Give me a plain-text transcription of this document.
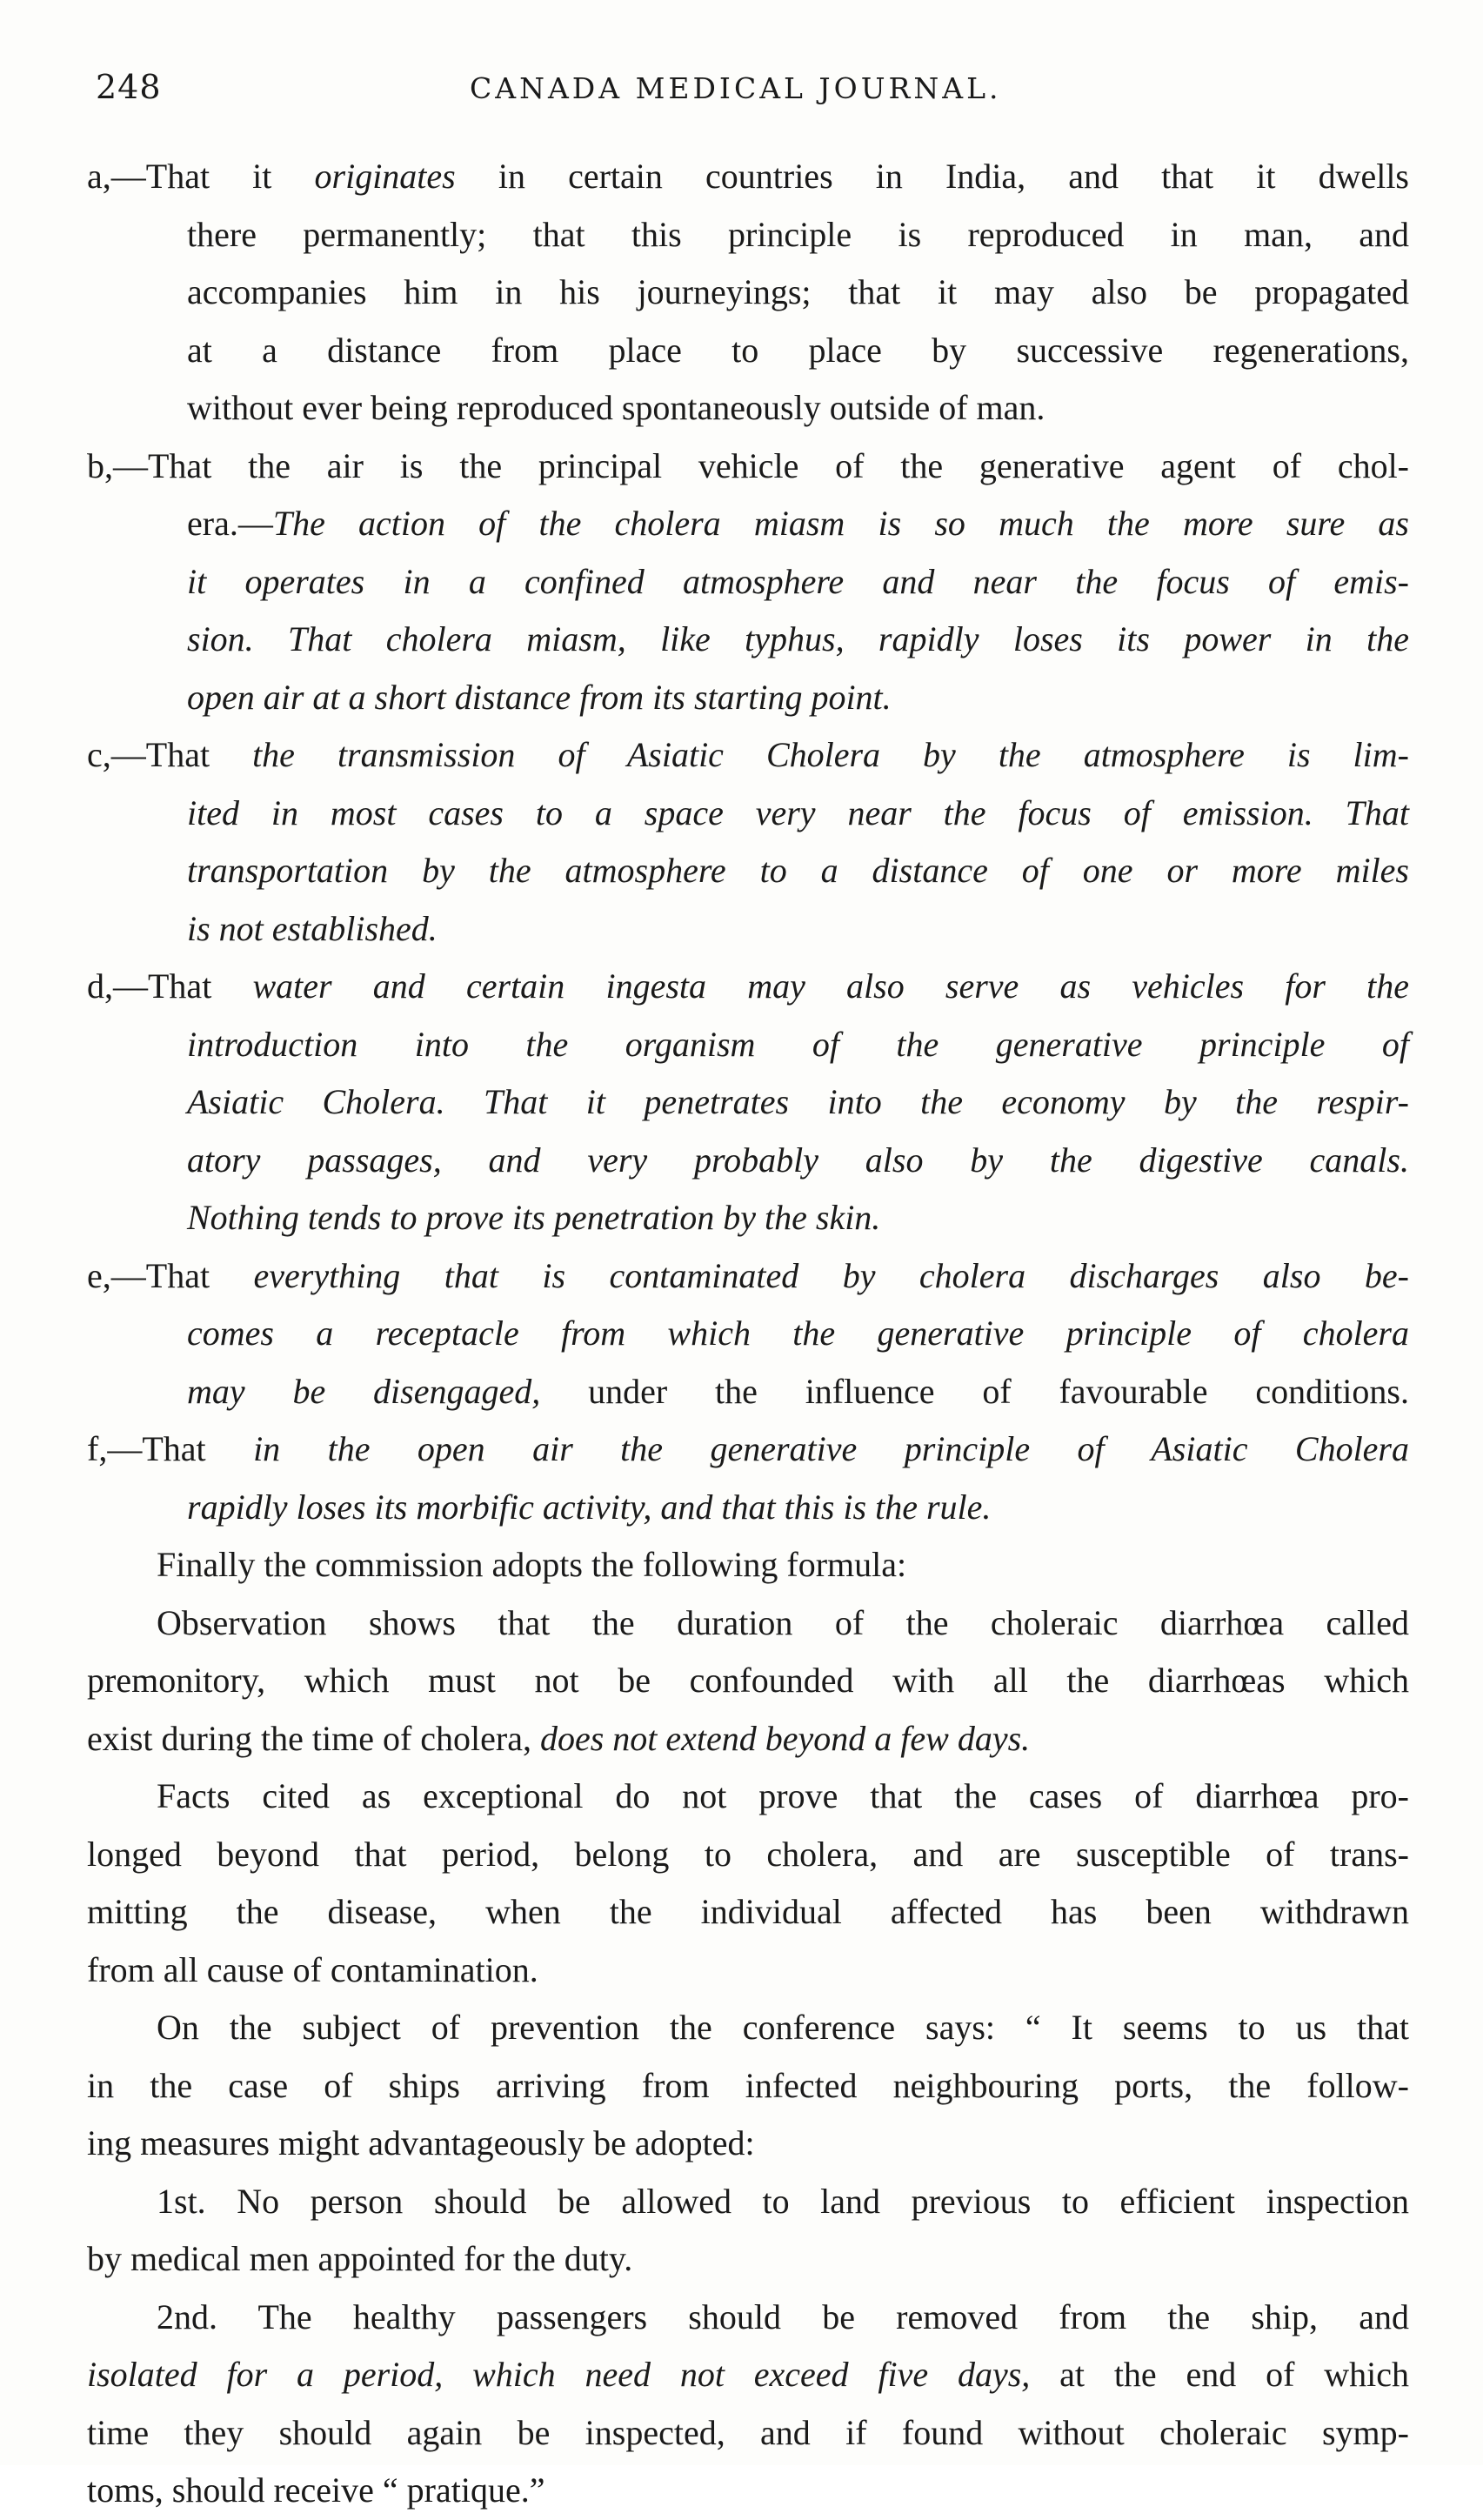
248	CANADA MEDICAL JOURNAL.
a,—That it originates in certain countries in India, and that it dwells
there permanently; that this principle is reproduced in man, and
accompanies him in his journeyings; that it may also be propagated
at a distance from place to place by successive regenerations,
without ever being reproduced spontaneously outside of man.
b,—That the air is the principal vehicle of the generative agent of chol-
era.—The action of the cholera miasm is so much the more sure as
it operates in a confined atmosphere and near the focus of emis-
sion. That cholera miasm, like typhus, rapidly loses its power in the
open air at a short distance from its starting point.
c,—That the transmission of Asiatic Cholera by the atmosphere is lim-
ited in most cases to a space very near the focus of emission. That
transportation by the atmosphere to a distance of one or more miles
is not established.
d,—That water and certain ingesta may also serve as vehicles for the
introduction into the organism of the generative principle of
Asiatic Cholera. That it penetrates into the economy by the respir-
atory passages, and very probably also by the digestive canals.
Nothing tends to prove its penetration by the skin.
e,—That everything that is contaminated by cholera discharges also be-
comes a receptacle from which the generative principle of cholera
may be disengaged, under the influence of favourable conditions.
f,—That in the open air the generative principle of Asiatic Cholera
rapidly loses its morbific activity, and that this is the rule.
Finally the commission adopts the following formula:
Observation shows that the duration of the choleraic diarrhœa called
premonitory, which must not be confounded with all the diarrhœas which
exist during the time of cholera, does not extend beyond a few days.
Facts cited as exceptional do not prove that the cases of diarrhœa pro-
longed beyond that period, belong to cholera, and are susceptible of trans-
mitting the disease, when the individual affected has been withdrawn
from all cause of contamination.
On the subject of prevention the conference says: “ It seems to us that
in the case of ships arriving from infected neighbouring ports, the follow-
ing measures might advantageously be adopted:
1st. No person should be allowed to land previous to efficient inspection
by medical men appointed for the duty.
2nd. The healthy passengers should be removed from the ship, and
isolated for a period, which need not exceed five days, at the end of which
time they should again be inspected, and if found without choleraic symp-
toms, should receive “ pratique.”
